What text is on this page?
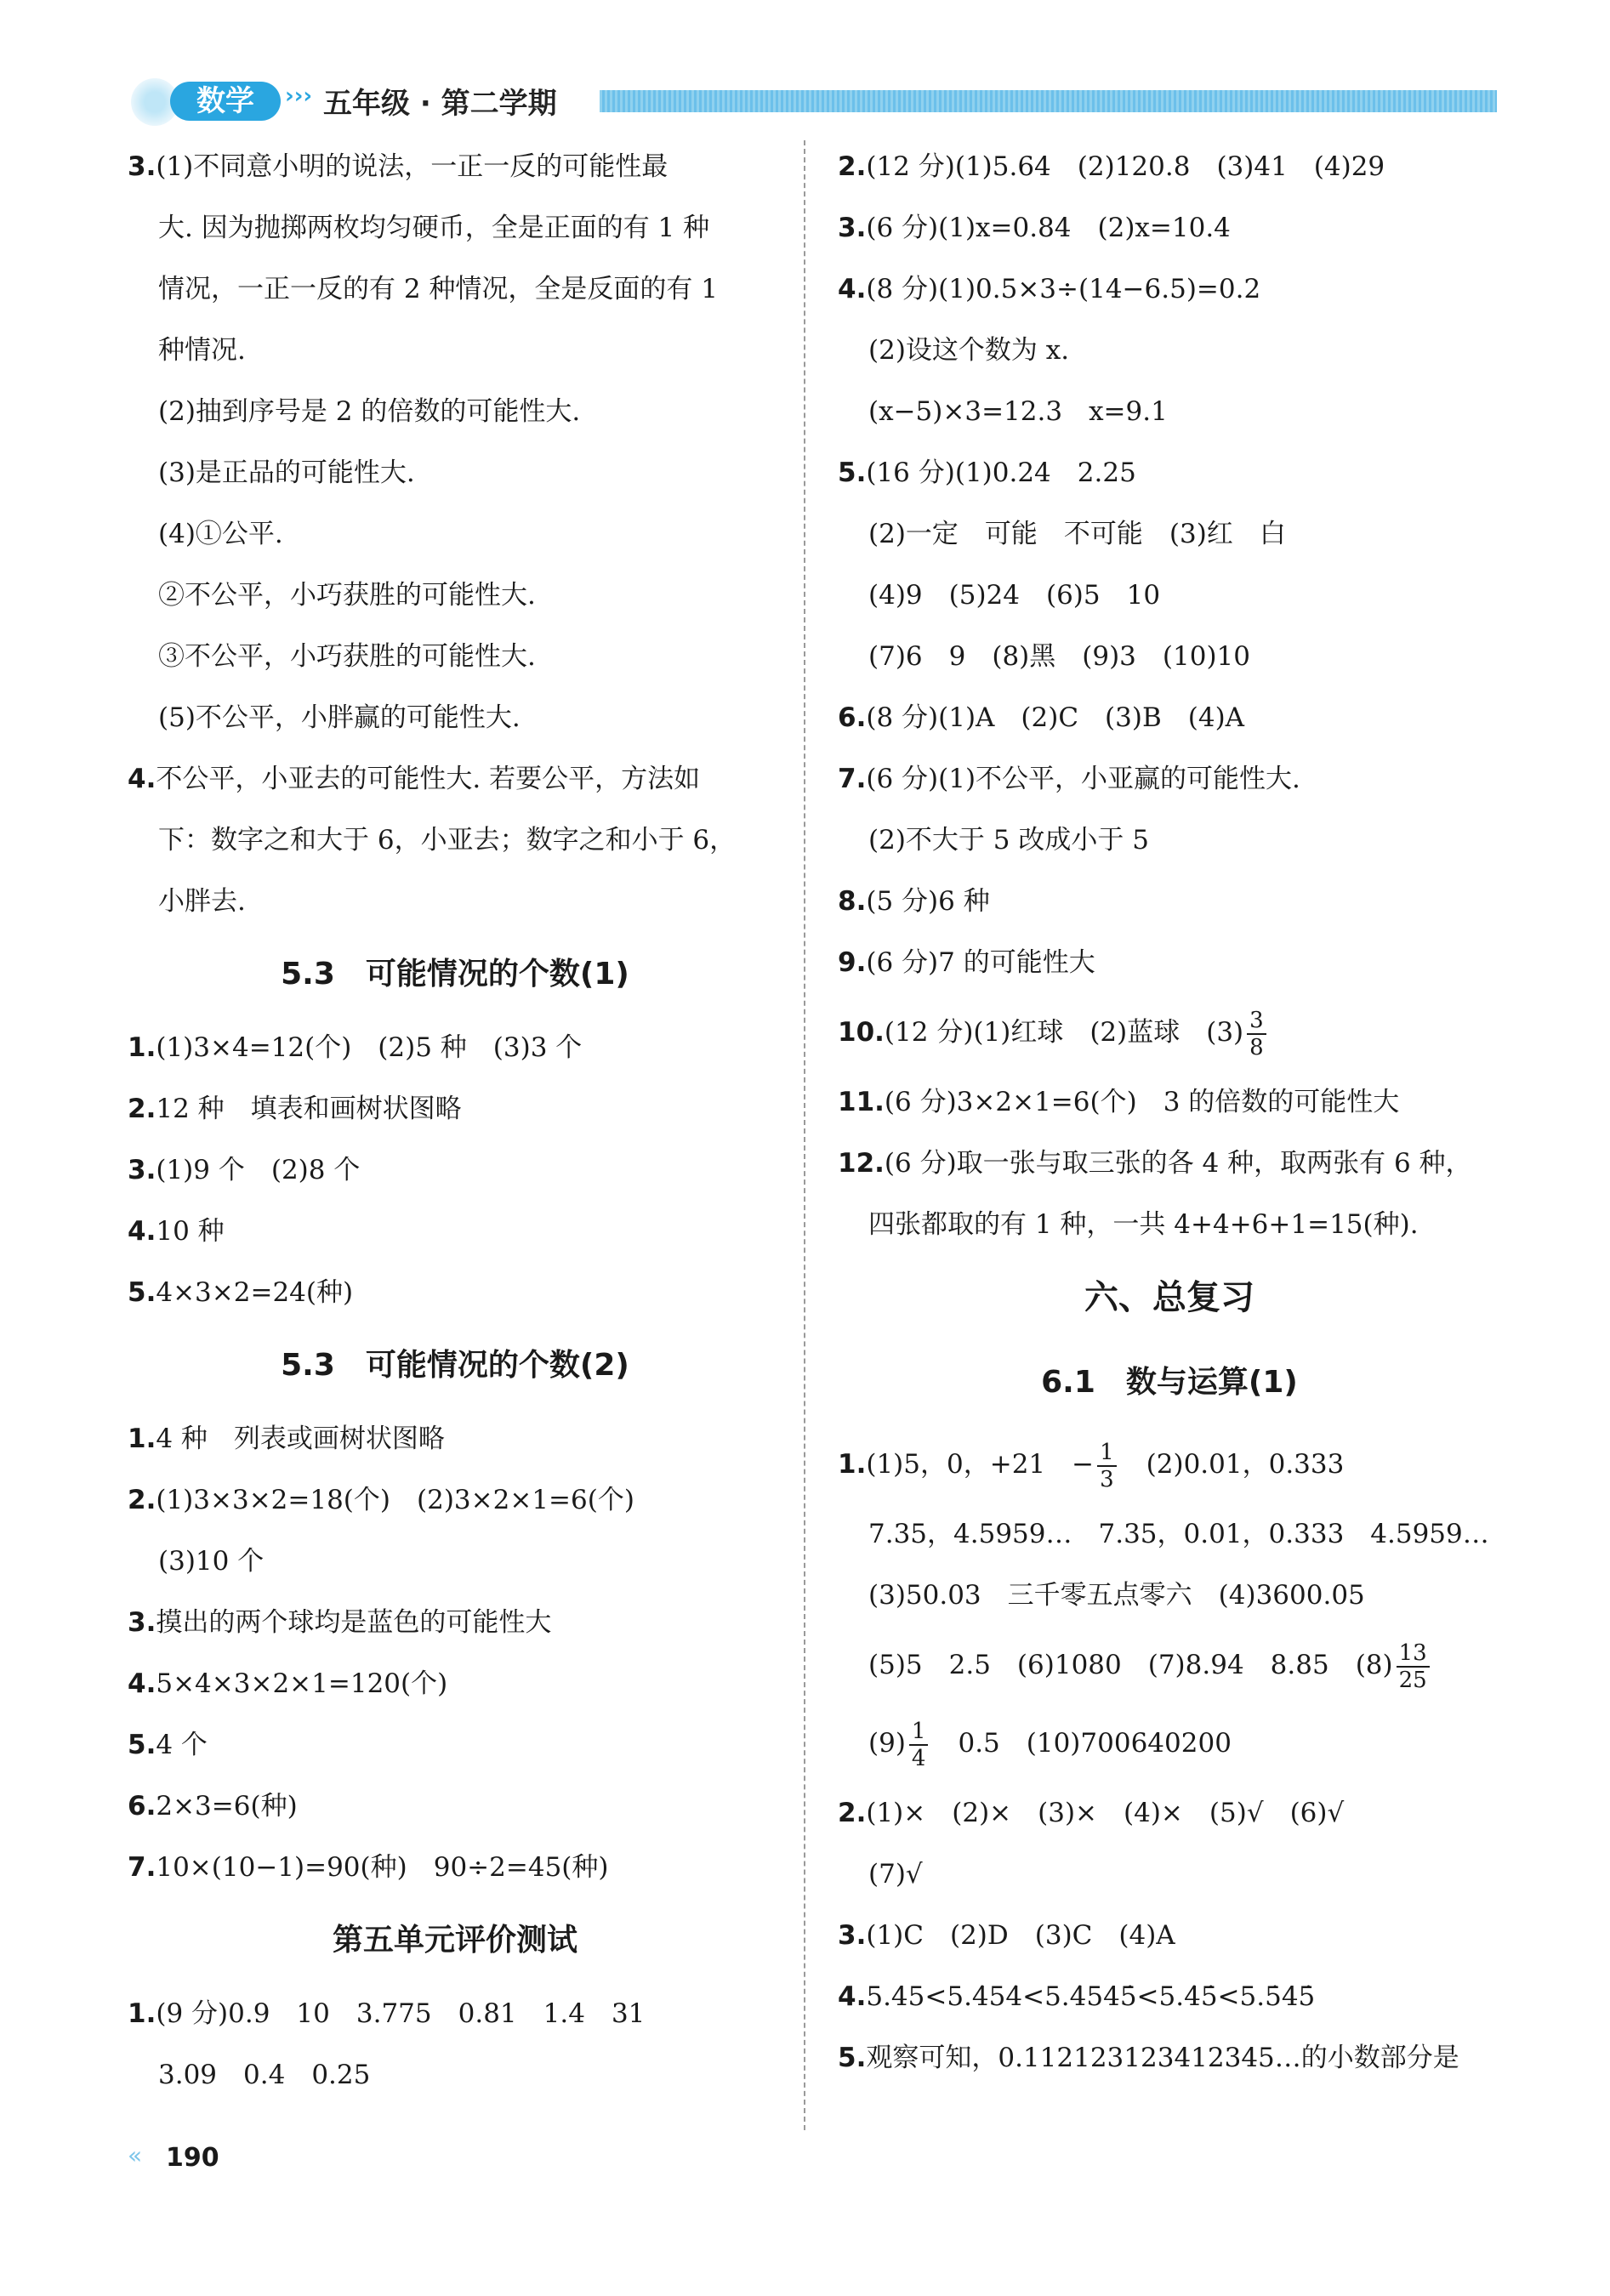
数学	››› 五年级 · 第二学期
3.(1)不同意小明的说法，一正一反的可能性最
大. 因为抛掷两枚均匀硬币，全是正面的有 1 种
情况，一正一反的有 2 种情况，全是反面的有 1
种情况.
(2)抽到序号是 2 的倍数的可能性大.
(3)是正品的可能性大.
(4)①公平.
②不公平，小巧获胜的可能性大.
③不公平，小巧获胜的可能性大.
(5)不公平，小胖赢的可能性大.
4.不公平，小亚去的可能性大. 若要公平，方法如
下：数字之和大于 6，小亚去；数字之和小于 6，
小胖去.
5.3　可能情况的个数(1)
1.(1)3×4=12(个)　(2)5 种　(3)3 个
2.12 种　填表和画树状图略
3.(1)9 个　(2)8 个
4.10 种
5.4×3×2=24(种)
5.3　可能情况的个数(2)
1.4 种　列表或画树状图略
2.(1)3×3×2=18(个)　(2)3×2×1=6(个)
(3)10 个
3.摸出的两个球均是蓝色的可能性大
4.5×4×3×2×1=120(个)
5.4 个
6.2×3=6(种)
7.10×(10−1)=90(种)　90÷2=45(种)
第五单元评价测试
1.(9 分)0.9　10　3.775　0.81　1.4　31
3.09　0.4　0.25
2.(12 分)(1)5.64　(2)120.8　(3)41　(4)29
3.(6 分)(1)x=0.84　(2)x=10.4
4.(8 分)(1)0.5×3÷(14−6.5)=0.2
(2)设这个数为 x.
(x−5)×3=12.3　x=9.1
5.(16 分)(1)0.24　2.25
(2)一定　可能　不可能　(3)红　白
(4)9　(5)24　(6)5　10
(7)6　9　(8)黑　(9)3　(10)10
6.(8 分)(1)A　(2)C　(3)B　(4)A
7.(6 分)(1)不公平，小亚赢的可能性大.
(2)不大于 5 改成小于 5
8.(5 分)6 种
9.(6 分)7 的可能性大
10.(12 分)(1)红球　(2)蓝球　$(3) \frac{3}{8}$
11.(6 分)3×2×1=6(个)　3 的倍数的可能性大
12.(6 分)取一张与取三张的各 4 种，取两张有 6 种，
四张都取的有 1 种，一共 4+4+6+1=15(种).
六、总复习
6.1　数与运算(1)
1.(1)5，0，+21　− $\frac{1}{3}$ 　(2)0.01，0.333
7.35，4.5959…　7.35，0.01，0.333　4.5959…
(3)50.03　三千零五点零六　(4)3600.05
(5)5　2.5　(6)1080　(7)8.94　8.85　$(8) \frac{13}{25}$
$(9) \frac{1}{4}$ 　0.5　(10)700640200
2.(1)×　(2)×　(3)×　(4)×　(5)√　(6)√
(7)√
3.(1)C　(2)D　(3)C　(4)A
4.5.45<5.4̇54̇<5.4̇545̇<5.4̇5̇<5.5̇45̇
5.观察可知，0.112123123412345…的小数部分是
« 190
